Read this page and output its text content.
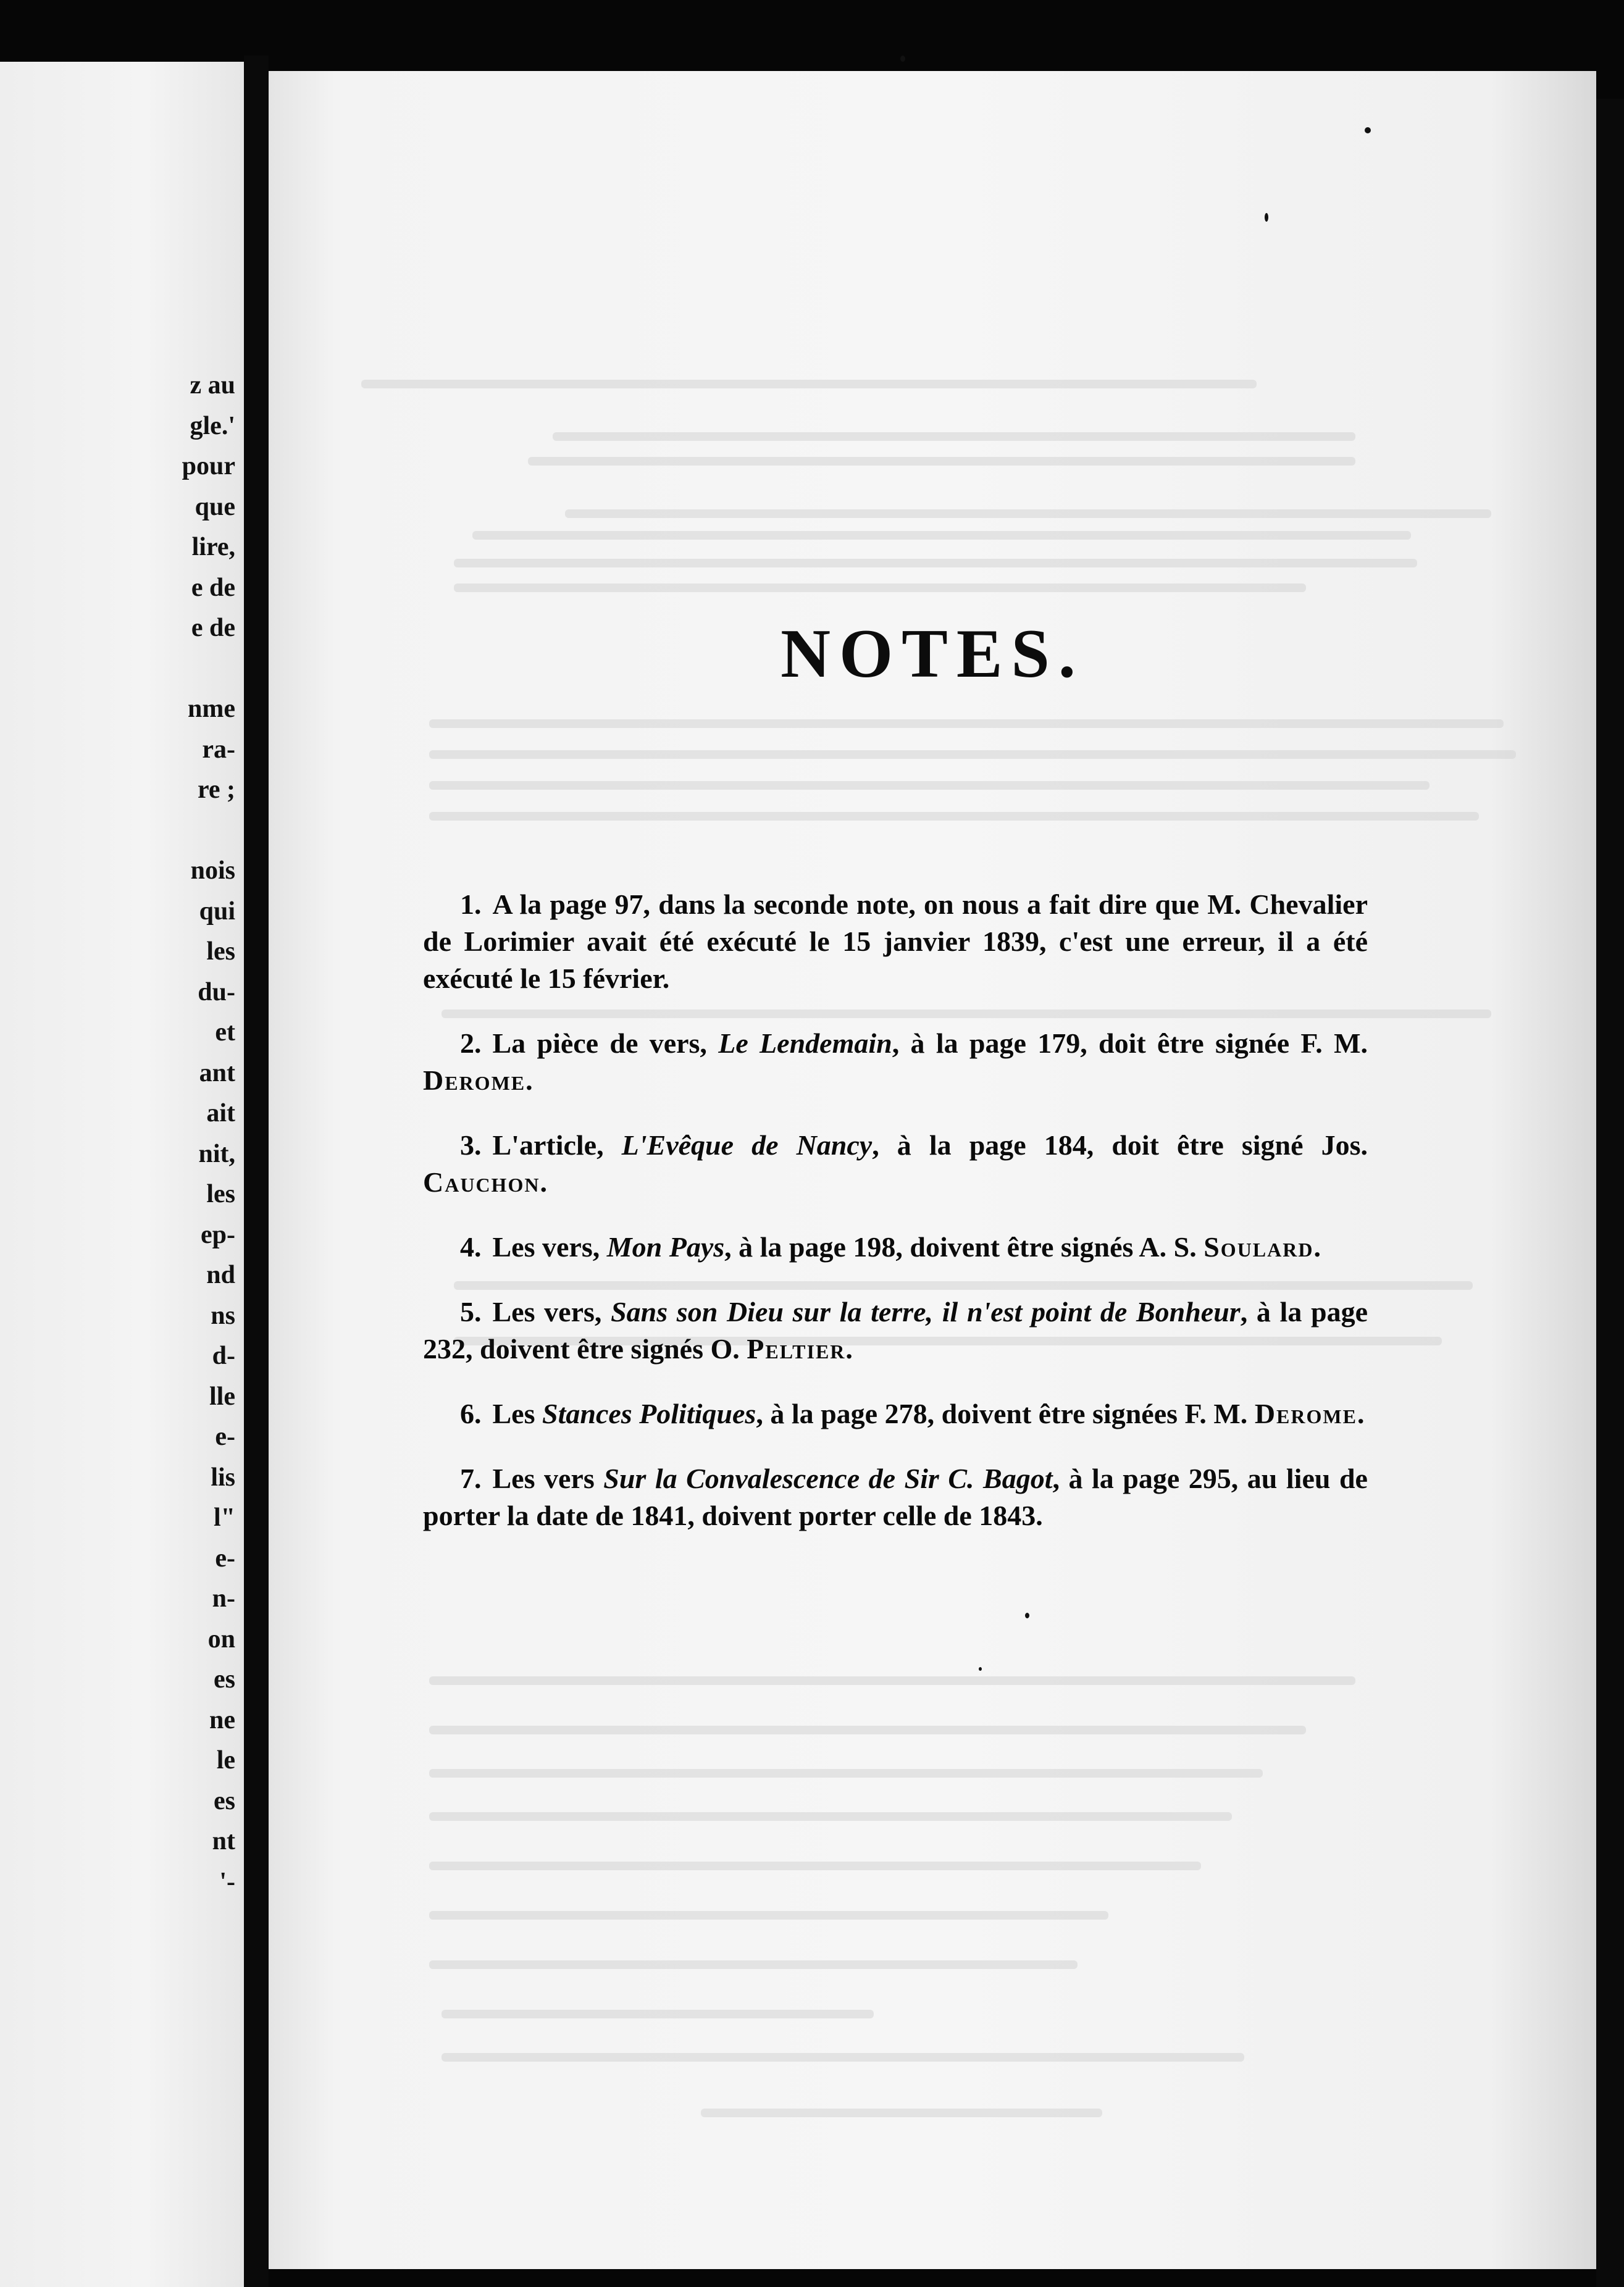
z au
gle.'
pour
que
lire,
e de
e de
nme
ra-
re ;
nois
qui
les
du-
et
ant
ait
nit,
les
ep-
nd
ns
d-
lle
e-
lis
l"
e-
n-
on
es
ne
le
es
nt
'-
NOTES.
1. A la page 97, dans la seconde note, on nous a fait dire que M. Chevalier de Lorimier avait été exécuté le 15 janvier 1839, c'est une erreur, il a été exécuté le 15 février.
2. La pièce de vers, Le Lendemain, à la page 179, doit être signée F. M. Derome.
3. L'article, L'Evêque de Nancy, à la page 184, doit être signé Jos. Cauchon.
4. Les vers, Mon Pays, à la page 198, doivent être signés A. S. Soulard.
5. Les vers, Sans son Dieu sur la terre, il n'est point de Bonheur, à la page 232, doivent être signés O. Peltier.
6. Les Stances Politiques, à la page 278, doivent être signées F. M. Derome.
7. Les vers Sur la Convalescence de Sir C. Bagot, à la page 295, au lieu de porter la date de 1841, doivent porter celle de 1843.
